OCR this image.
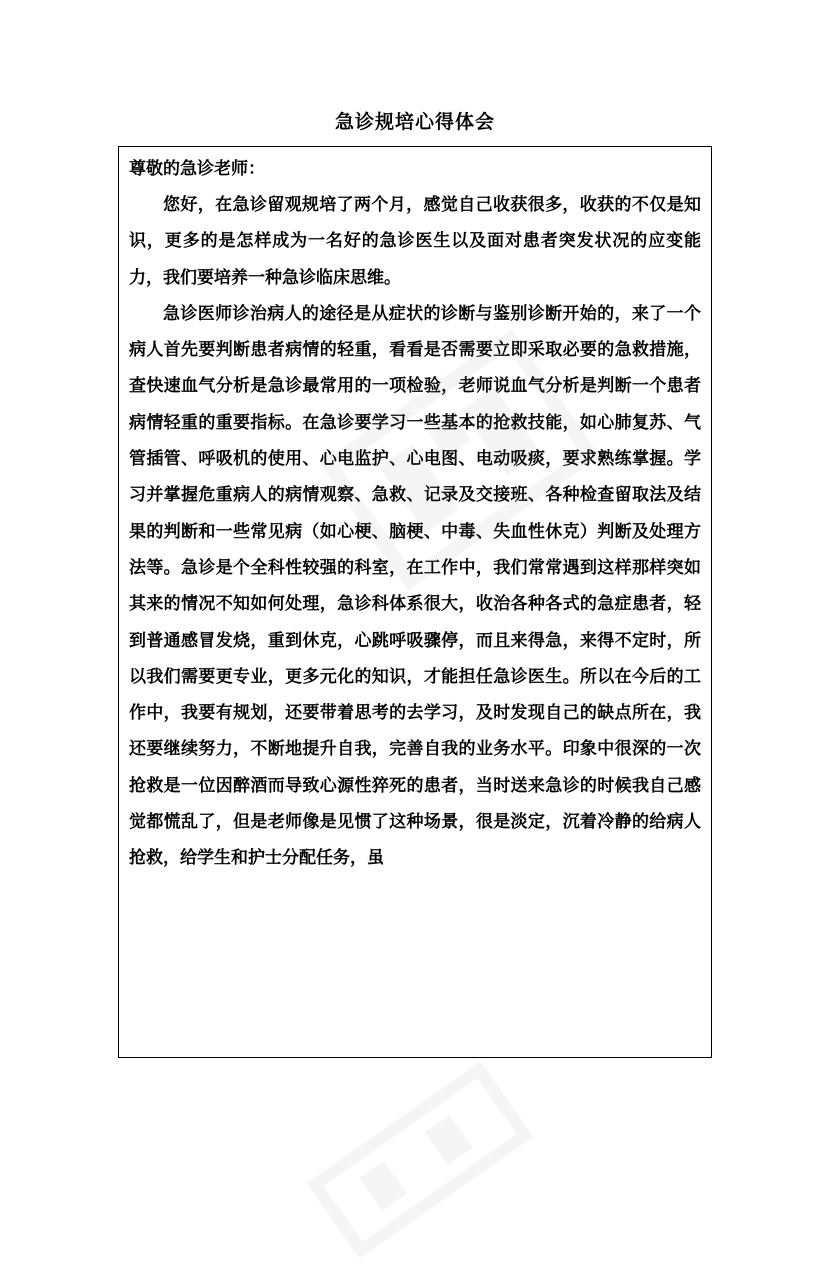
急诊规培心得体会

尊敬的急诊老师：

您好，在急诊留观规培了两个月，感觉自己收获很多，收获的不仅是知识，更多的是怎样成为一名好的急诊医生以及面对患者突发状况的应变能力，我们要培养一种急诊临床思维。

急诊医师诊治病人的途径是从症状的诊断与鉴别诊断开始的，来了一个病人首先要判断患者病情的轻重，看看是否需要立即采取必要的急救措施，查快速血气分析是急诊最常用的一项检验，老师说血气分析是判断一个患者病情轻重的重要指标。在急诊要学习一些基本的抢救技能，如心肺复苏、气管插管、呼吸机的使用、心电监护、心电图、电动吸痰，要求熟练掌握。学习并掌握危重病人的病情观察、急救、记录及交接班、各种检查留取法及结果的判断和一些常见病（如心梗、脑梗、中毒、失血性休克）判断及处理方法等。急诊是个全科性较强的科室，在工作中，我们常常遇到这样那样突如其来的情况不知如何处理，急诊科体系很大，收治各种各式的急症患者，轻到普通感冒发烧，重到休克，心跳呼吸骤停，而且来得急，来得不定时，所以我们需要更专业，更多元化的知识，才能担任急诊医生。所以在今后的工作中，我要有规划，还要带着思考的去学习，及时发现自己的缺点所在，我还要继续努力，不断地提升自我，完善自我的业务水平。印象中很深的一次抢救是一位因醉酒而导致心源性猝死的患者，当时送来急诊的时候我自己感觉都慌乱了，但是老师像是见惯了这种场景，很是淡定，沉着冷静的给病人抢救，给学生和护士分配任务，虽
